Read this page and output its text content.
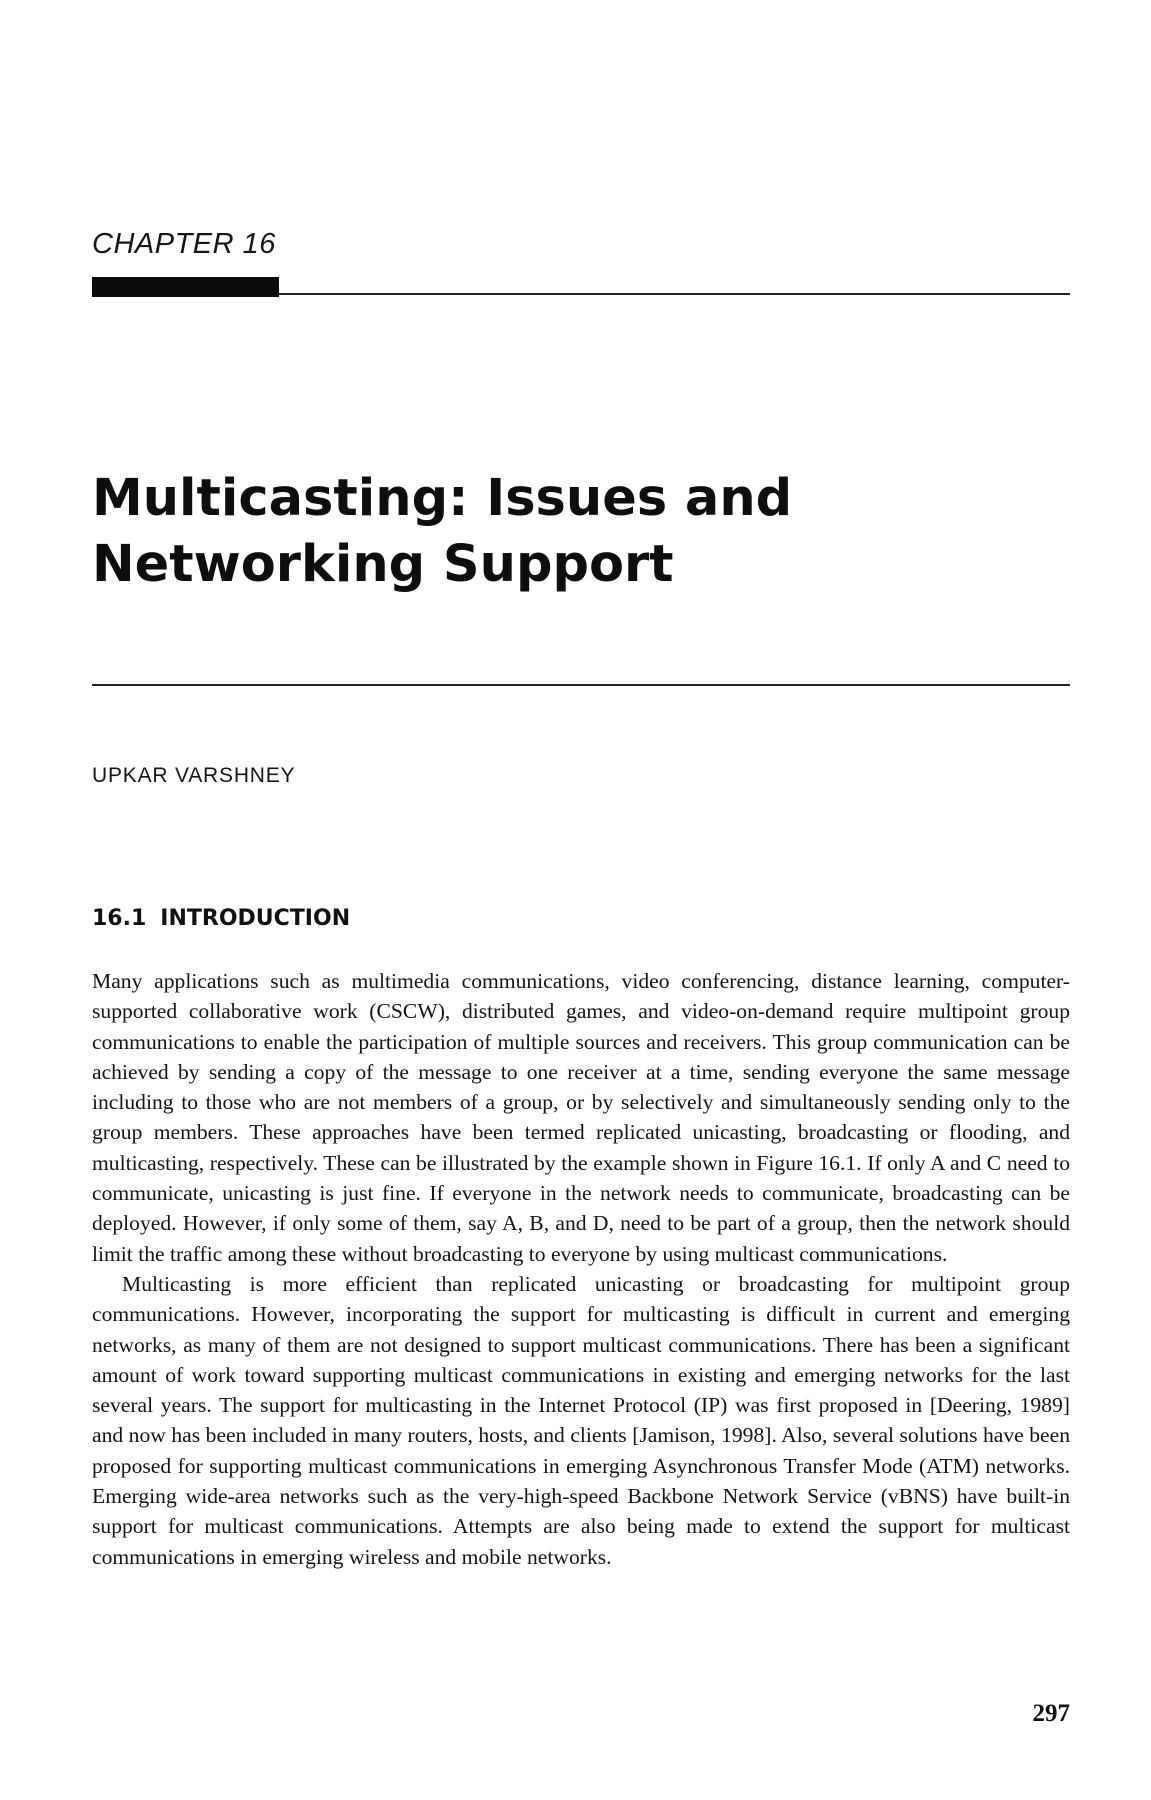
CHAPTER 16
Multicasting: Issues and
Networking Support
UPKAR VARSHNEY
16.1 INTRODUCTION

Many applications such as multimedia communications, video conferencing, distance learning, computer-supported collaborative work (CSCW), distributed games, and video-on-demand require multipoint group communications to enable the participation of multiple sources and receivers. This group communication can be achieved by sending a copy of the message to one receiver at a time, sending everyone the same message including to those who are not members of a group, or by selectively and simultaneously sending only to the group members. These approaches have been termed replicated unicasting, broadcasting or flooding, and multicasting, respectively. These can be illustrated by the example shown in Figure 16.1. If only A and C need to communicate, unicasting is just fine. If everyone in the network needs to communicate, broadcasting can be deployed. However, if only some of them, say A, B, and D, need to be part of a group, then the network should limit the traffic among these without broadcasting to everyone by using multicast communications.

Multicasting is more efficient than replicated unicasting or broadcasting for multipoint group communications. However, incorporating the support for multicasting is difficult in current and emerging networks, as many of them are not designed to support multicast communications. There has been a significant amount of work toward supporting multicast communications in existing and emerging networks for the last several years. The support for multicasting in the Internet Protocol (IP) was first proposed in [Deering, 1989] and now has been included in many routers, hosts, and clients [Jamison, 1998]. Also, several solutions have been proposed for supporting multicast communications in emerging Asynchronous Transfer Mode (ATM) networks. Emerging wide-area networks such as the very-high-speed Backbone Network Service (vBNS) have built-in support for multicast communications. Attempts are also being made to extend the support for multicast communications in emerging wireless and mobile networks.

297
